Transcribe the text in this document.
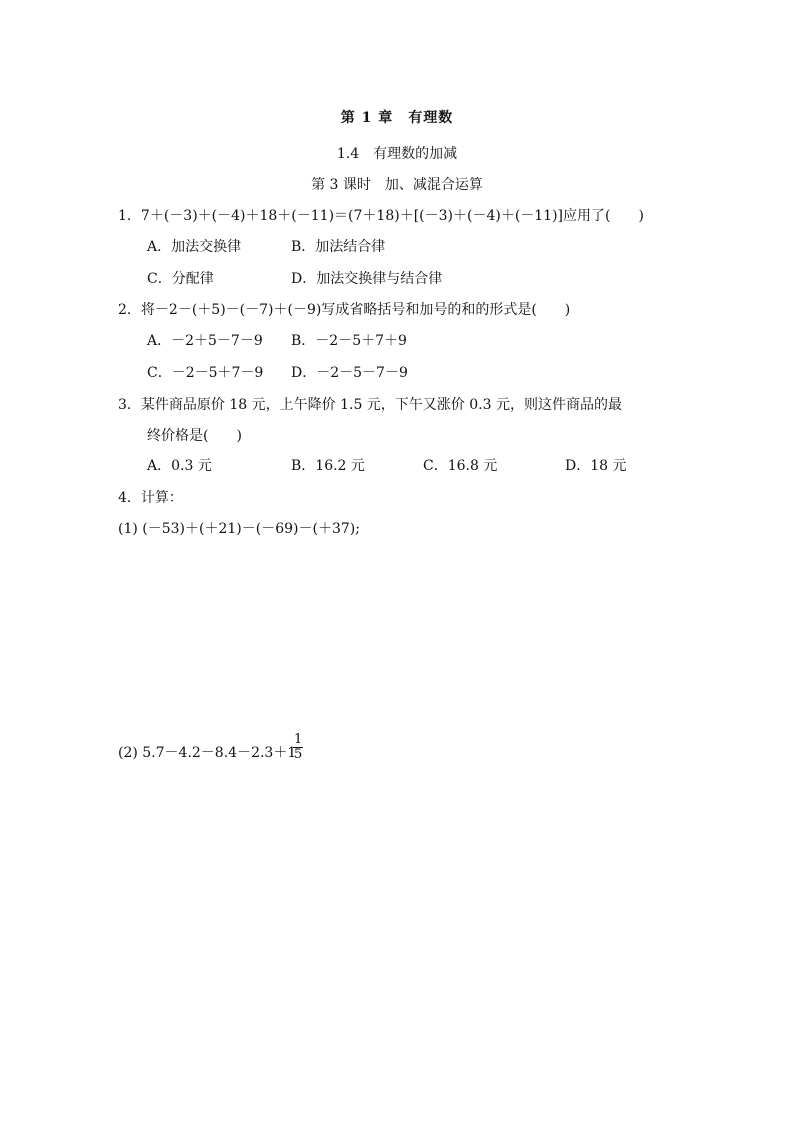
第 1 章　有理数
1.4　有理数的加减
第 3 课时　加、减混合运算
1．7＋(－3)＋(－4)＋18＋(－11)＝(7＋18)＋[(－3)＋(－4)＋(－11)]应用了(　　)
A．加法交换律	B．加法结合律
C．分配律	D．加法交换律与结合律
2．将－2－(＋5)－(－7)＋(－9)写成省略括号和加号的和的形式是(　　)
A．－2＋5－7－9 B．－2－5＋7＋9
C．－2－5＋7－9 D．－2－5－7－9
3．某件商品原价 18 元，上午降价 1.5 元，下午又涨价 0.3 元，则这件商品的最
终价格是(　　)
A．0.3 元	B．16.2 元	C．16.8 元	D．18 元
4．计算：
(1) (－53)＋(＋21)－(－69)－(＋37);
(2) 5.7－4.2－8.4－2.3＋1
$\frac{1}{5}$
